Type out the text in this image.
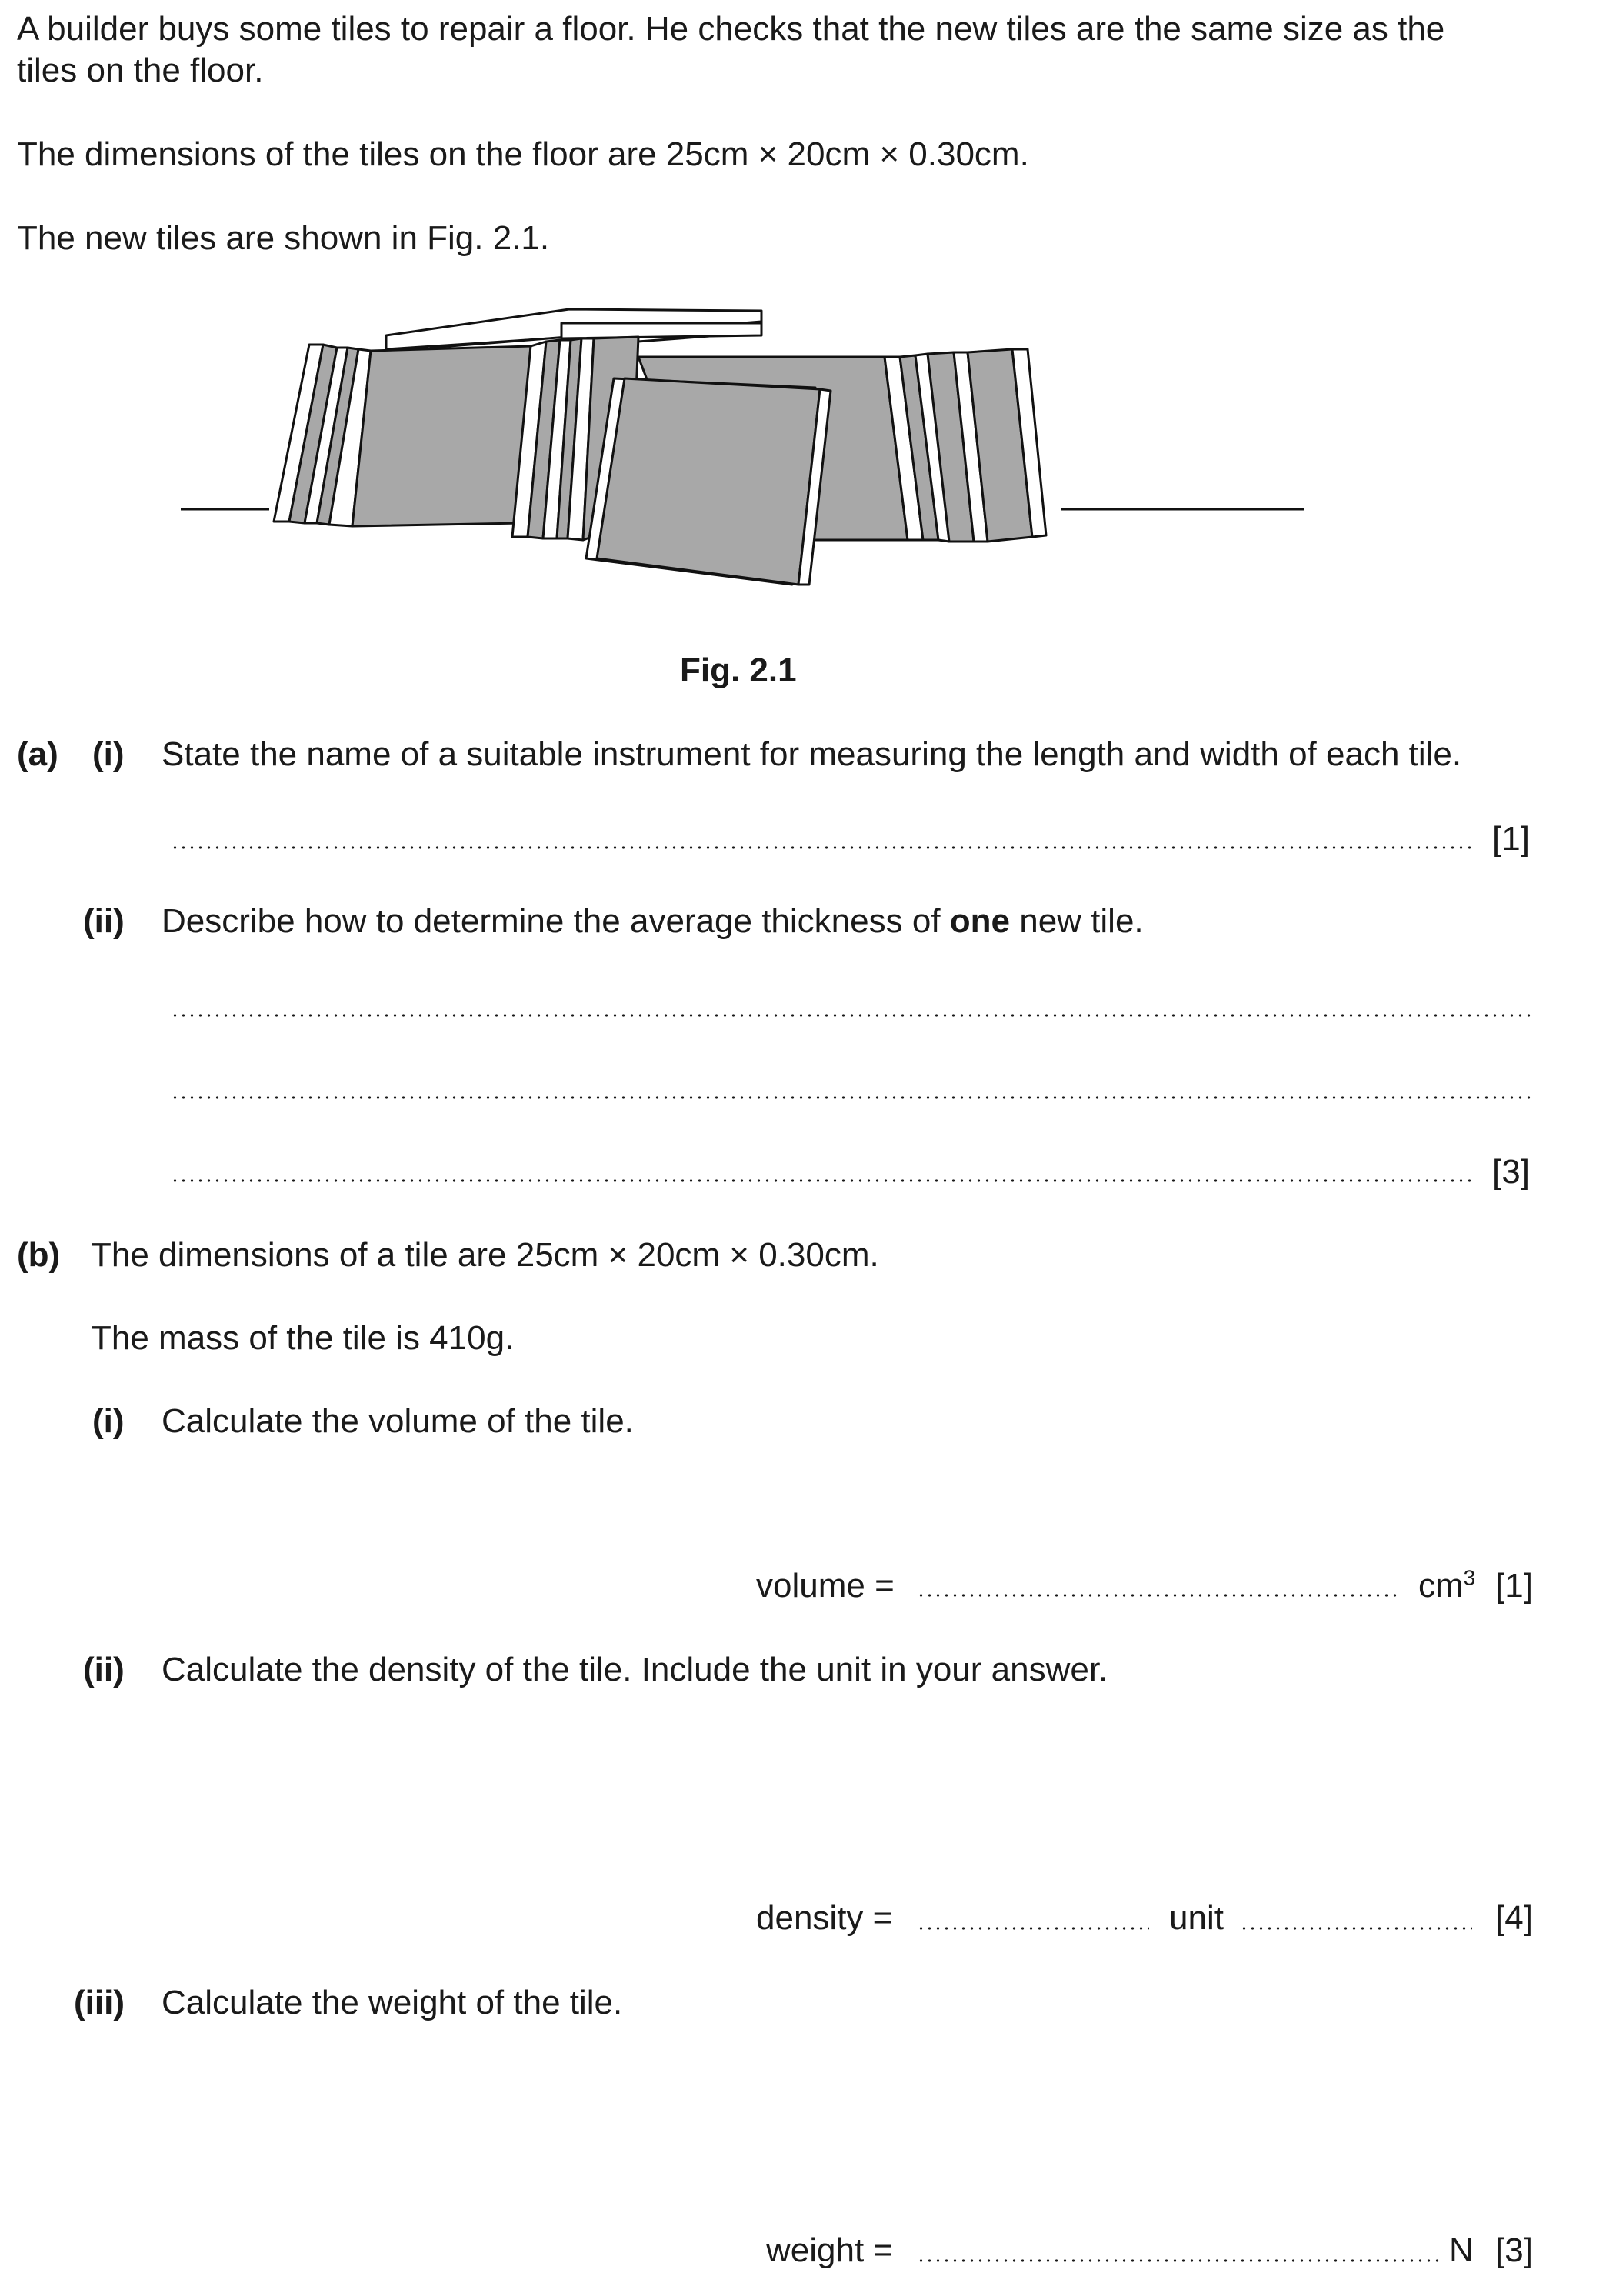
A builder buys some tiles to repair a floor. He checks that the new tiles are the same size as the
tiles on the floor.
The dimensions of the tiles on the floor are 25cm × 20cm × 0.30cm.
The new tiles are shown in Fig. 2.1.
Fig. 2.1
(a) (i) State the name of a suitable instrument for measuring the length and width of each tile.
[1]
(ii) Describe how to determine the average thickness of one new tile.
[3]
(b) The dimensions of a tile are 25cm × 20cm × 0.30cm.
The mass of the tile is 410g.
(i) Calculate the volume of the tile.
volume =	$cm^3$ [1]
(ii) Calculate the density of the tile. Include the unit in your answer.
density =	unit	[4]
(iii) Calculate the weight of the tile.
weight =	N [3]
